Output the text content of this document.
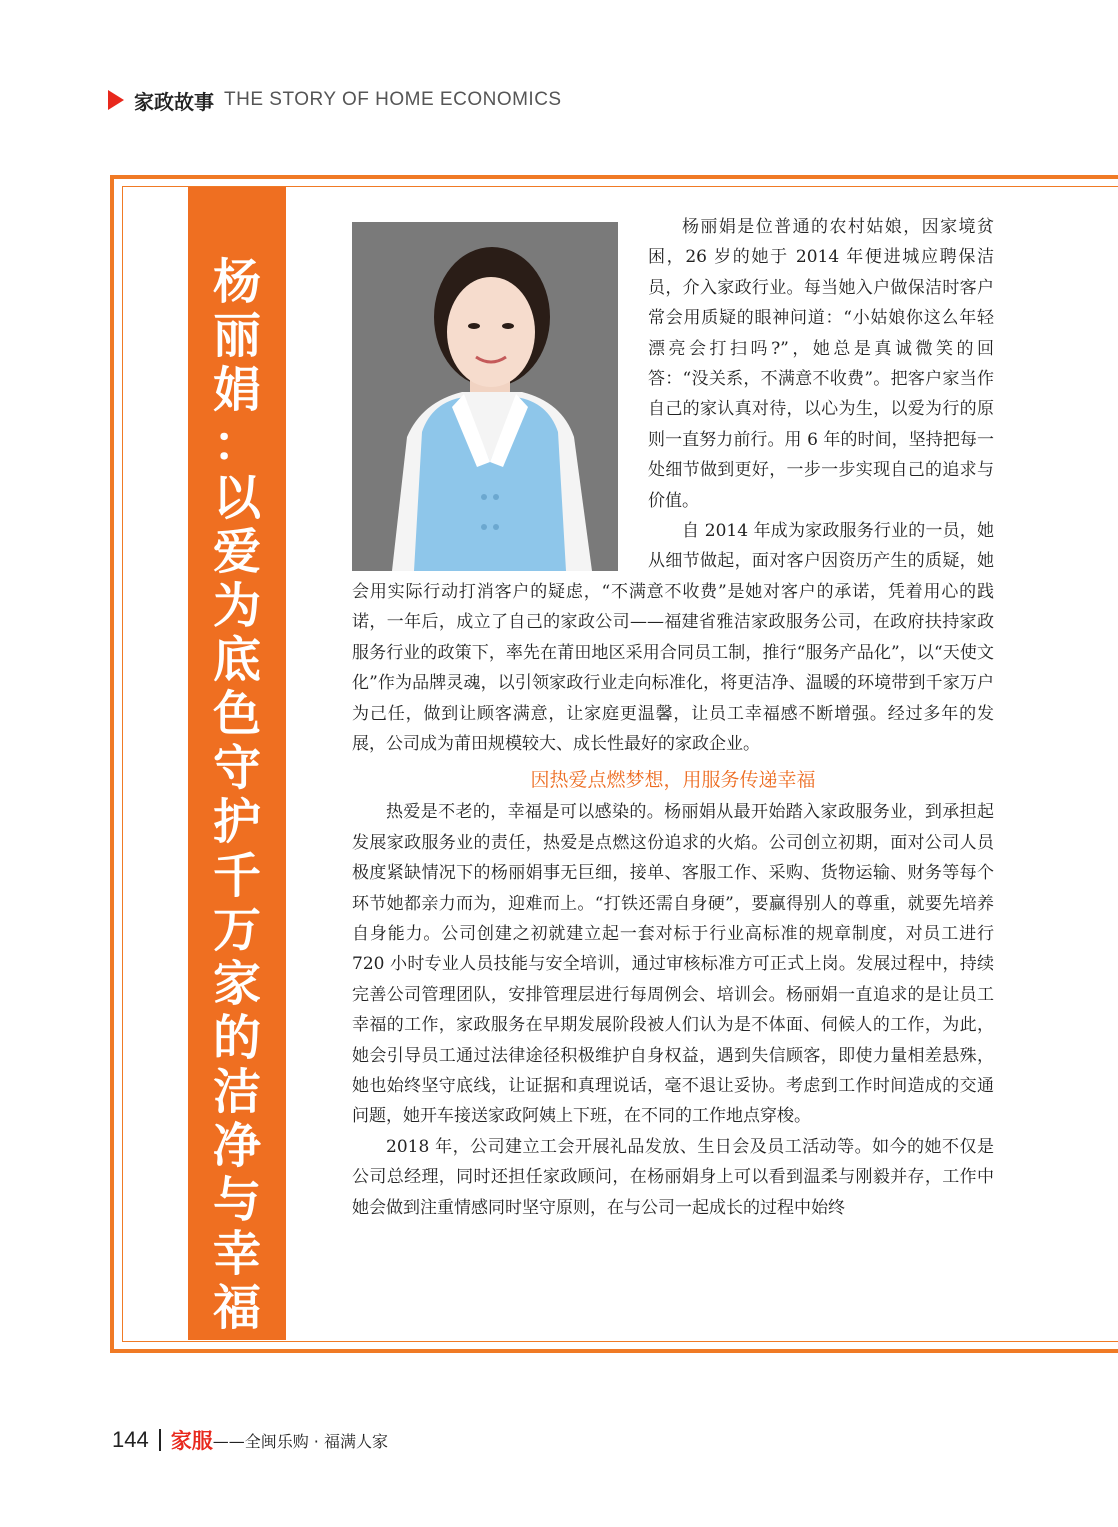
家政故事 THE STORY OF HOME ECONOMICS
杨
丽
娟
：
以
爱
为
底
色
守
护
千
万
家
的
洁
净
与
幸
福

杨丽娟是位普通的农村姑娘，因家境贫困，26 岁的她于 2014 年便进城应聘保洁员，介入家政行业。每当她入户做保洁时客户常会用质疑的眼神问道：“小姑娘你这么年轻漂亮会打扫吗?”，她总是真诚微笑的回答：“没关系，不满意不收费”。把客户家当作自己的家认真对待，以心为生，以爱为行的原则一直努力前行。用 6 年的时间，坚持把每一处细节做到更好，一步一步实现自己的追求与价值。

自 2014 年成为家政服务行业的一员，她从细节做起，面对客户因资历产生的质疑，她会用实际行动打消客户的疑虑，“不满意不收费”是她对客户的承诺，凭着用心的践诺，一年后，成立了自己的家政公司——福建省雅洁家政服务公司，在政府扶持家政服务行业的政策下，率先在莆田地区采用合同员工制，推行“服务产品化”，以“天使文化”作为品牌灵魂，以引领家政行业走向标准化，将更洁净、温暖的环境带到千家万户为己任，做到让顾客满意，让家庭更温馨，让员工幸福感不断增强。经过多年的发展，公司成为莆田规模较大、成长性最好的家政企业。

因热爱点燃梦想，用服务传递幸福

热爱是不老的，幸福是可以感染的。杨丽娟从最开始踏入家政服务业，到承担起发展家政服务业的责任，热爱是点燃这份追求的火焰。公司创立初期，面对公司人员极度紧缺情况下的杨丽娟事无巨细，接单、客服工作、采购、货物运输、财务等每个环节她都亲力而为，迎难而上。“打铁还需自身硬”，要赢得别人的尊重，就要先培养自身能力。公司创建之初就建立起一套对标于行业高标准的规章制度，对员工进行 720 小时专业人员技能与安全培训，通过审核标准方可正式上岗。发展过程中，持续完善公司管理团队，安排管理层进行每周例会、培训会。杨丽娟一直追求的是让员工幸福的工作，家政服务在早期发展阶段被人们认为是不体面、伺候人的工作，为此，她会引导员工通过法律途径积极维护自身权益，遇到失信顾客，即使力量相差悬殊，她也始终坚守底线，让证据和真理说话，毫不退让妥协。考虑到工作时间造成的交通问题，她开车接送家政阿姨上下班，在不同的工作地点穿梭。

2018 年，公司建立工会开展礼品发放、生日会及员工活动等。如今的她不仅是公司总经理，同时还担任家政顾问，在杨丽娟身上可以看到温柔与刚毅并存，工作中她会做到注重情感同时坚守原则，在与公司一起成长的过程中始终

144 家服 ——全闽乐购 · 福满人家
